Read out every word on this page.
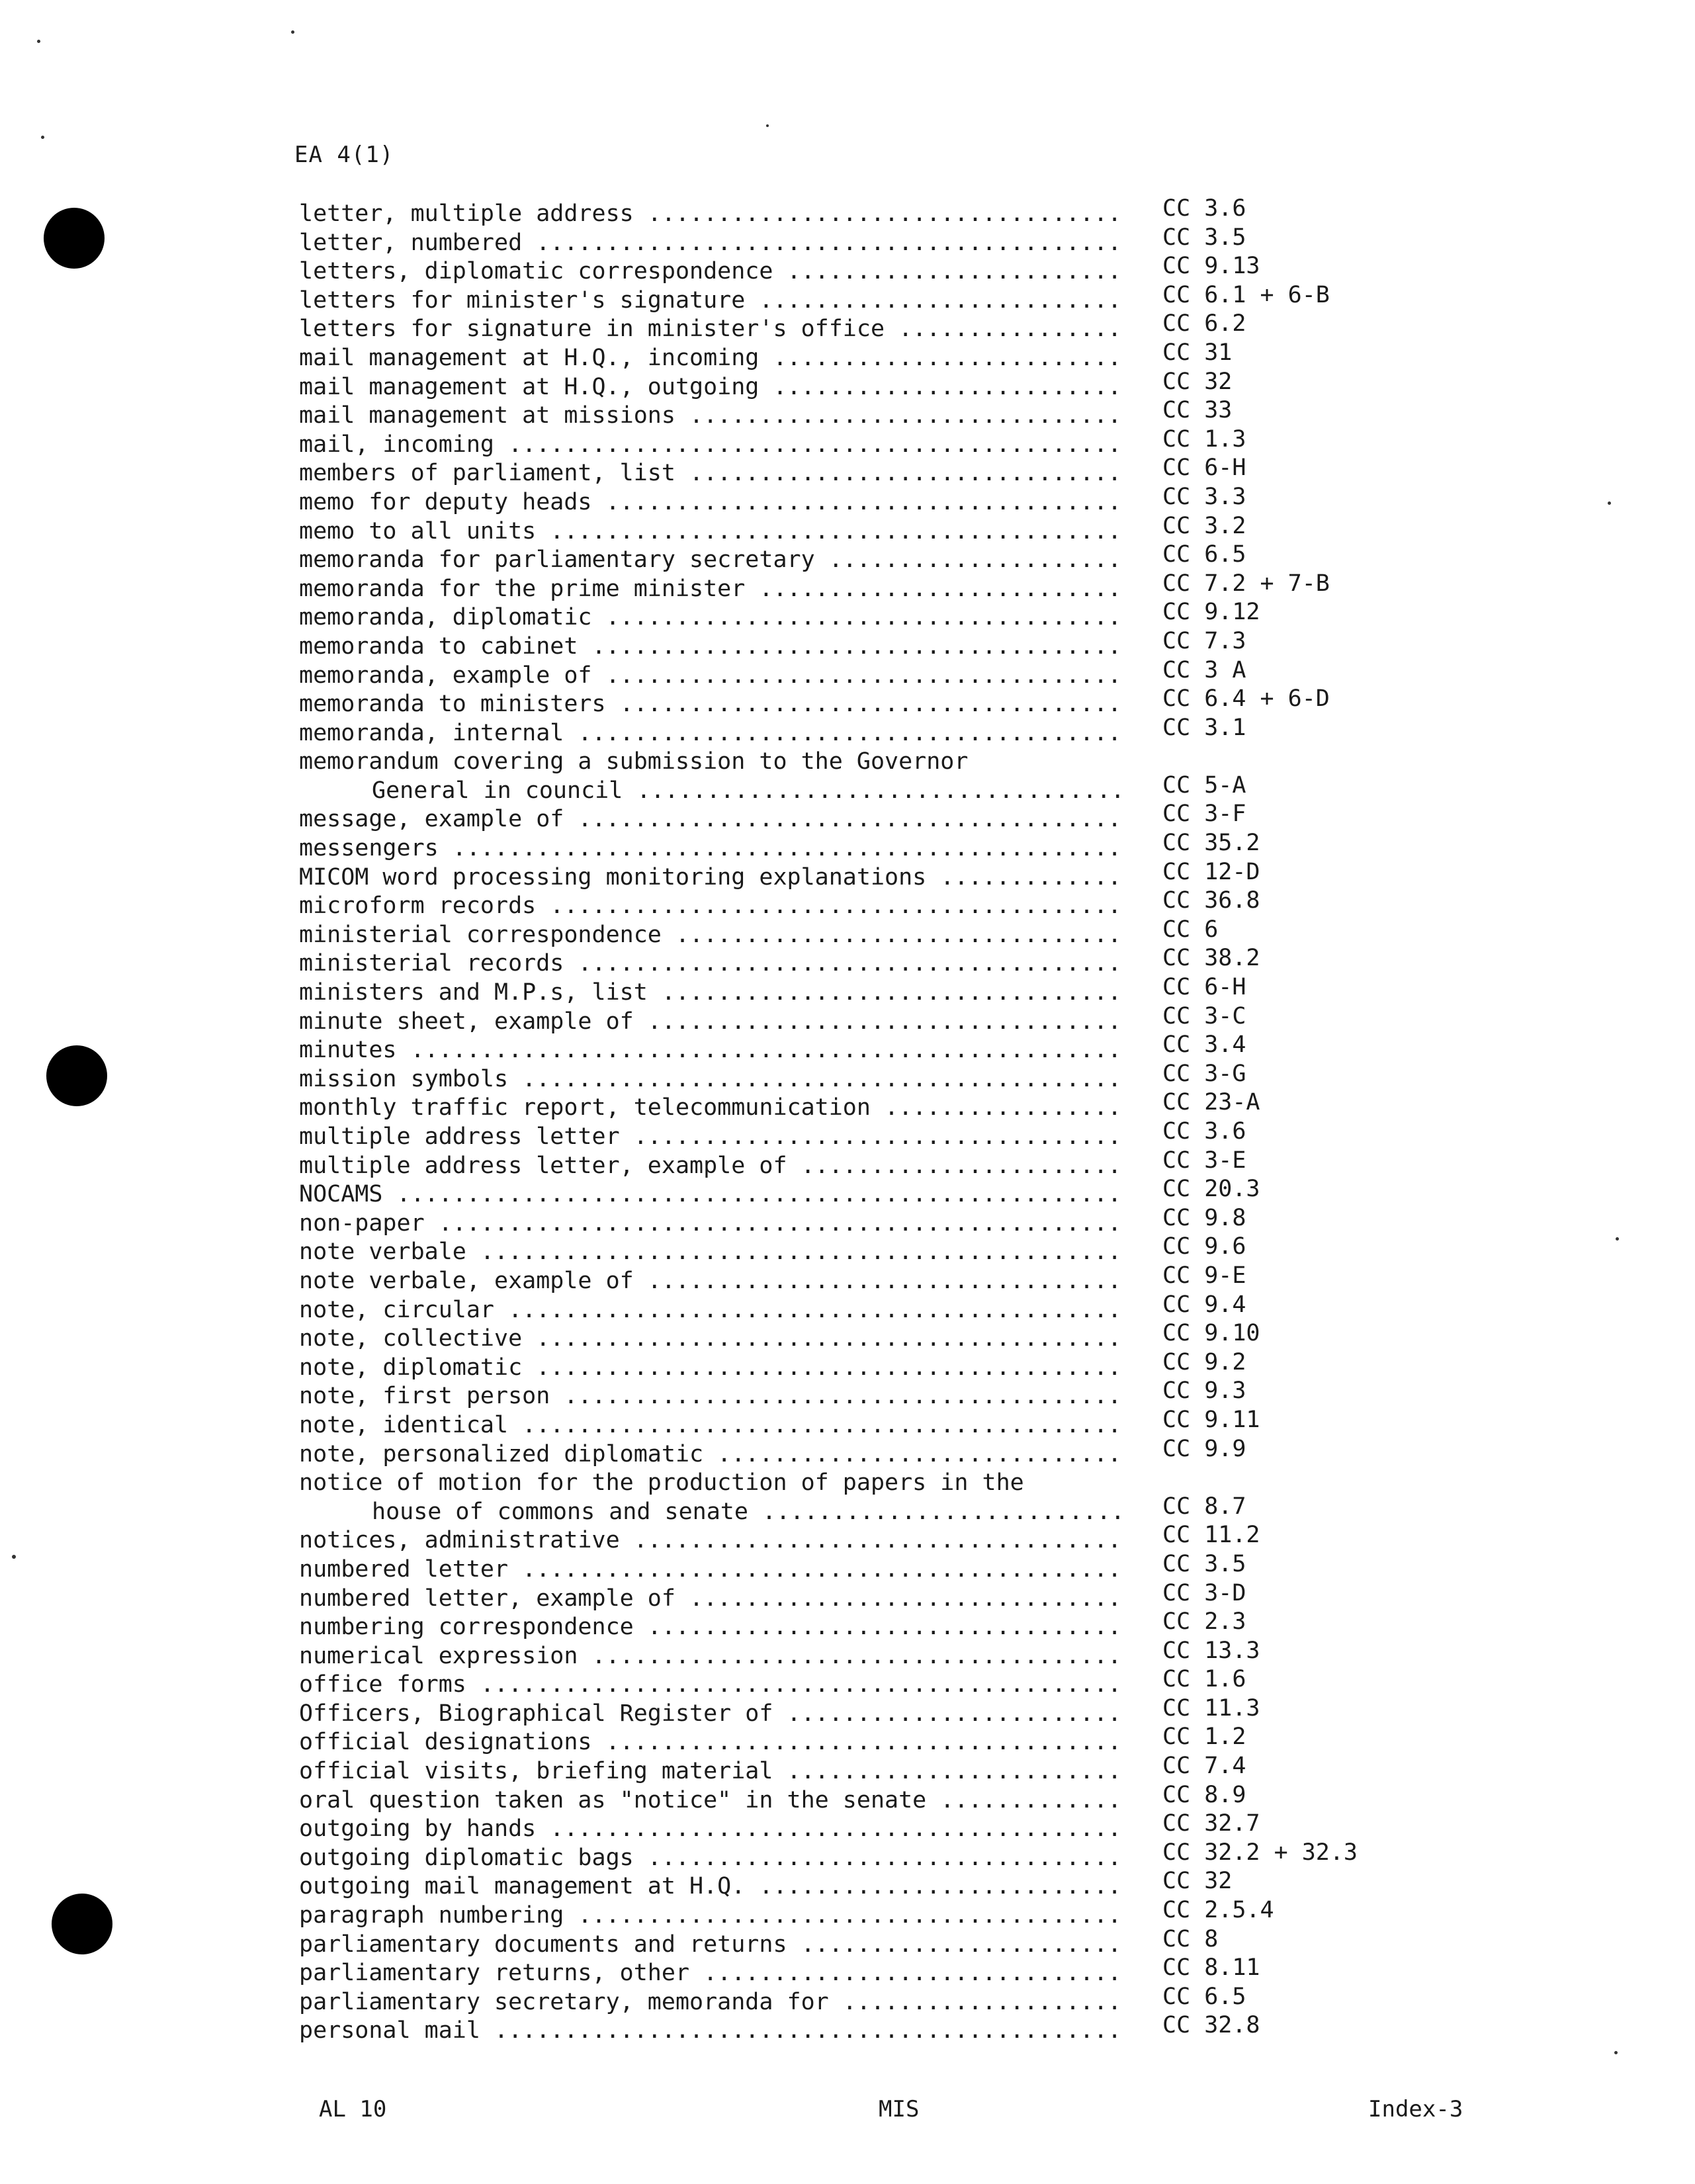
EA 4(1)
letter, multiple address .....	CC 3.6
letter, numbered .....	CC 3.5
letters, diplomatic correspondence .....	CC 9.13
letters for minister's signature .....	CC 6.1 + 6-B
letters for signature in minister's office .....	CC 6.2
mail management at H.Q., incoming .....	CC 31
mail management at H.Q., outgoing .....	CC 32
mail management at missions .....	CC 33
mail, incoming .....	CC 1.3
members of parliament, list .....	CC 6-H
memo for deputy heads .....	CC 3.3
memo to all units .....	CC 3.2
memoranda for parliamentary secretary .....	CC 6.5
memoranda for the prime minister .....	CC 7.2 + 7-B
memoranda, diplomatic .....	CC 9.12
memoranda to cabinet .....	CC 7.3
memoranda, example of .....	CC 3 A
memoranda to ministers .....	CC 6.4 + 6-D
memoranda, internal .....	CC 3.1
memorandum covering a submission to the Governor
General in council .....	CC 5-A
message, example of .....	CC 3-F
messengers .....	CC 35.2
MICOM word processing monitoring explanations .....	CC 12-D
microform records .....	CC 36.8
ministerial correspondence .....	CC 6
ministerial records .....	CC 38.2
ministers and M.P.s, list .....	CC 6-H
minute sheet, example of .....	CC 3-C
minutes .....	CC 3.4
mission symbols .....	CC 3-G
monthly traffic report, telecommunication .....	CC 23-A
multiple address letter .....	CC 3.6
multiple address letter, example of .....	CC 3-E
NOCAMS .....	CC 20.3
non-paper .....	CC 9.8
note verbale .....	CC 9.6
note verbale, example of .....	CC 9-E
note, circular .....	CC 9.4
note, collective .....	CC 9.10
note, diplomatic .....	CC 9.2
note, first person .....	CC 9.3
note, identical .....	CC 9.11
note, personalized diplomatic .....	CC 9.9
notice of motion for the production of papers in the
house of commons and senate .....	CC 8.7
notices, administrative .....	CC 11.2
numbered letter .....	CC 3.5
numbered letter, example of .....	CC 3-D
numbering correspondence .....	CC 2.3
numerical expression .....	CC 13.3
office forms .....	CC 1.6
Officers, Biographical Register of .....	CC 11.3
official designations .....	CC 1.2
official visits, briefing material .....	CC 7.4
oral question taken as "notice" in the senate .....	CC 8.9
outgoing by hands .....	CC 32.7
outgoing diplomatic bags .....	CC 32.2 + 32.3
outgoing mail management at H.Q. .....	CC 32
paragraph numbering .....	CC 2.5.4
parliamentary documents and returns .....	CC 8
parliamentary returns, other .....	CC 8.11
parliamentary secretary, memoranda for .....	CC 6.5
personal mail .....	CC 32.8
AL 10	MIS	Index-3
